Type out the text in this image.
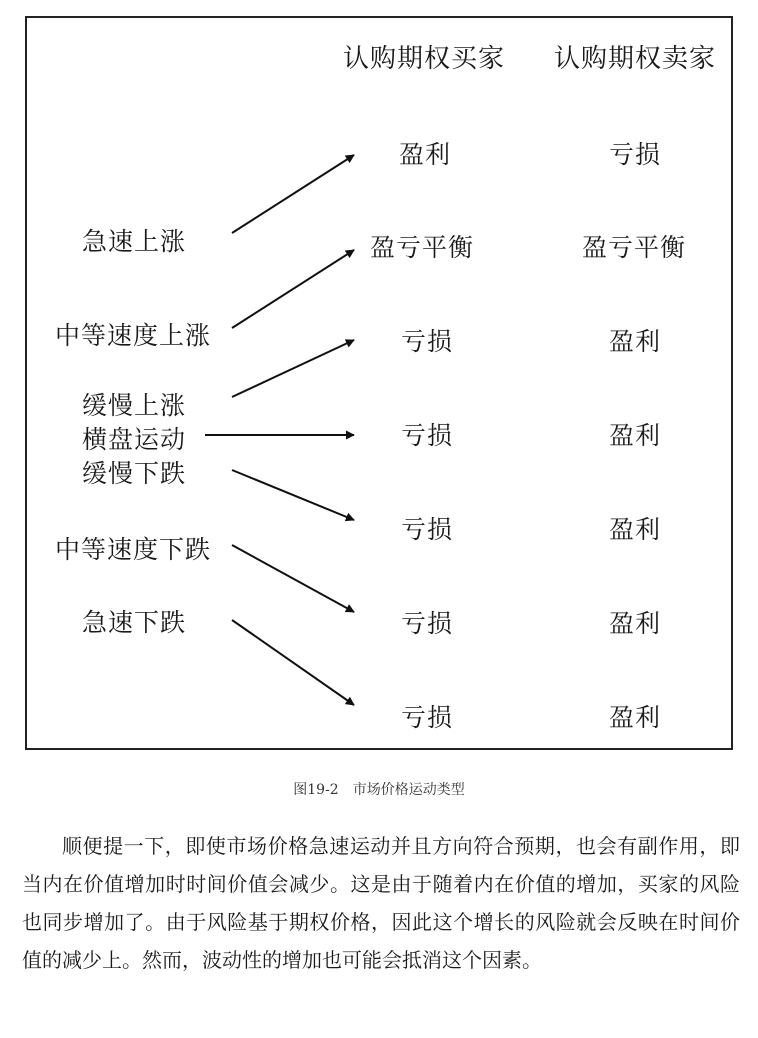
认购期权买家 认购期权卖家
急速上涨
中等速度上涨
缓慢上涨
横盘运动
缓慢下跌
中等速度下跌
急速下跌
盈利
盈亏平衡
亏损
亏损
亏损
亏损
亏损
亏损
盈亏平衡
盈利
盈利
盈利
盈利
盈利
图19-2　市场价格运动类型

顺便提一下，即使市场价格急速运动并且方向符合预期，也会有副作用，即当内在价值增加时时间价值会减少。这是由于随着内在价值的增加，买家的风险也同步增加了。由于风险基于期权价格，因此这个增长的风险就会反映在时间价值的减少上。然而，波动性的增加也可能会抵消这个因素。
